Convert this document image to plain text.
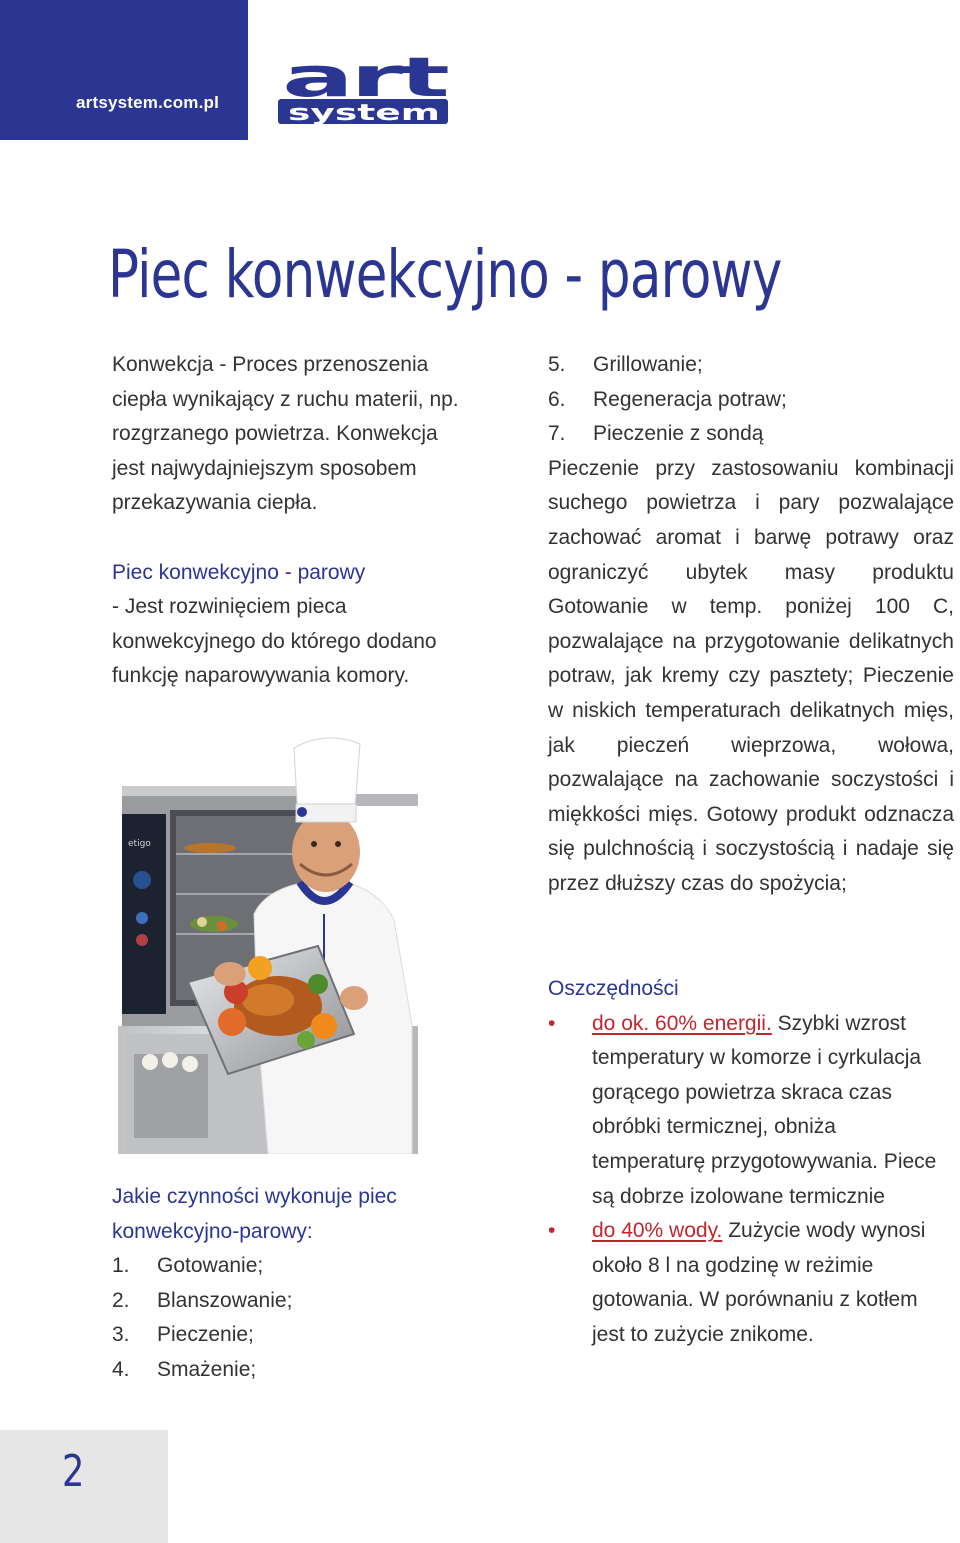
artsystem.com.pl art
system
Piec konwekcyjno - parowy

Konwekcja - Proces przenoszenia

ciepła wynikający z ruchu materii, np.

rozgrzanego powietrza. Konwekcja

jest najwydajniejszym sposobem

przekazywania ciepła.

Piec konwekcyjno - parowy

- Jest rozwinięciem pieca

konwekcyjnego do którego dodano

funkcję naparowywania komory.

etigo

Jakie czynności wykonuje piec

konwekcyjno-parowy:

1.	Gotowanie;
2.	Blanszowanie;
3.	Pieczenie;
4.	Smażenie;
5.	Grillowanie;
6.	Regeneracja potraw;
7.	Pieczenie z sondą

Pieczenie przy zastosowaniu kombinacji suchego powietrza i pary pozwalające zachować aromat i barwę potrawy oraz ograniczyć ubytek masy produktu Gotowanie w temp. poniżej 100 C, pozwalające na przygotowanie delikatnych potraw, jak kremy czy pasztety; Pieczenie w niskich temperaturach delikatnych mięs, jak pieczeń wieprzowa, wołowa, pozwalające na zachowanie soczystości i miękkości mięs. Gotowy produkt odznacza się pulchnością i soczystością i nadaje się przez dłuższy czas do spożycia;

Oszczędności

• do ok. 60% energii. Szybki wzrost temperatury w komorze i cyrkulacja gorącego powietrza skraca czas obróbki termicznej, obniża temperaturę przygotowywania. Piece są dobrze izolowane termicznie
• do 40% wody. Zużycie wody wynosi około 8 l na godzinę w reżimie gotowania. W porównaniu z kotłem jest to zużycie znikome.

2
